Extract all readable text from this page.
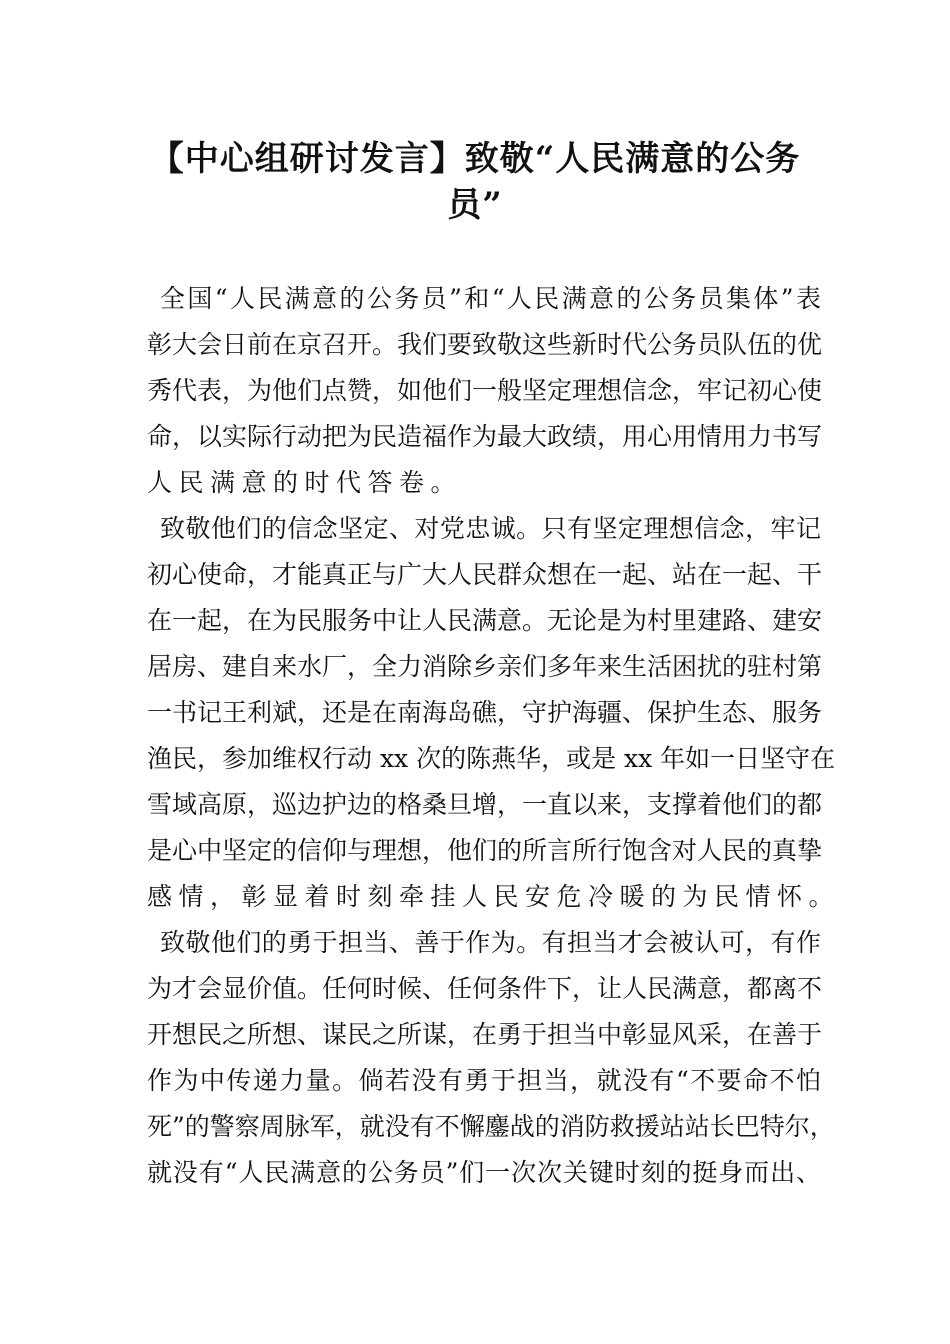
【中心组研讨发言】致敬“人民满意的公务
员”
全国“人民满意的公务员”和“人民满意的公务员集体”表
彰大会日前在京召开。我们要致敬这些新时代公务员队伍的优
秀代表，为他们点赞，如他们一般坚定理想信念，牢记初心使
命，以实际行动把为民造福作为最大政绩，用心用情用力书写
人民满意的时代答卷。
致敬他们的信念坚定、对党忠诚。只有坚定理想信念，牢记
初心使命，才能真正与广大人民群众想在一起、站在一起、干
在一起，在为民服务中让人民满意。无论是为村里建路、建安
居房、建自来水厂，全力消除乡亲们多年来生活困扰的驻村第
一书记王利斌，还是在南海岛礁，守护海疆、保护生态、服务
渔民，参加维权行动 xx 次的陈燕华，或是 xx 年如一日坚守在
雪域高原，巡边护边的格桑旦增，一直以来，支撑着他们的都
是心中坚定的信仰与理想，他们的所言所行饱含对人民的真挚
感情，彰显着时刻牵挂人民安危冷暖的为民情怀。
致敬他们的勇于担当、善于作为。有担当才会被认可，有作
为才会显价值。任何时候、任何条件下，让人民满意，都离不
开想民之所想、谋民之所谋，在勇于担当中彰显风采，在善于
作为中传递力量。倘若没有勇于担当，就没有“不要命不怕
死”的警察周脉军，就没有不懈鏖战的消防救援站站长巴特尔，
就没有“人民满意的公务员”们一次次关键时刻的挺身而出、
